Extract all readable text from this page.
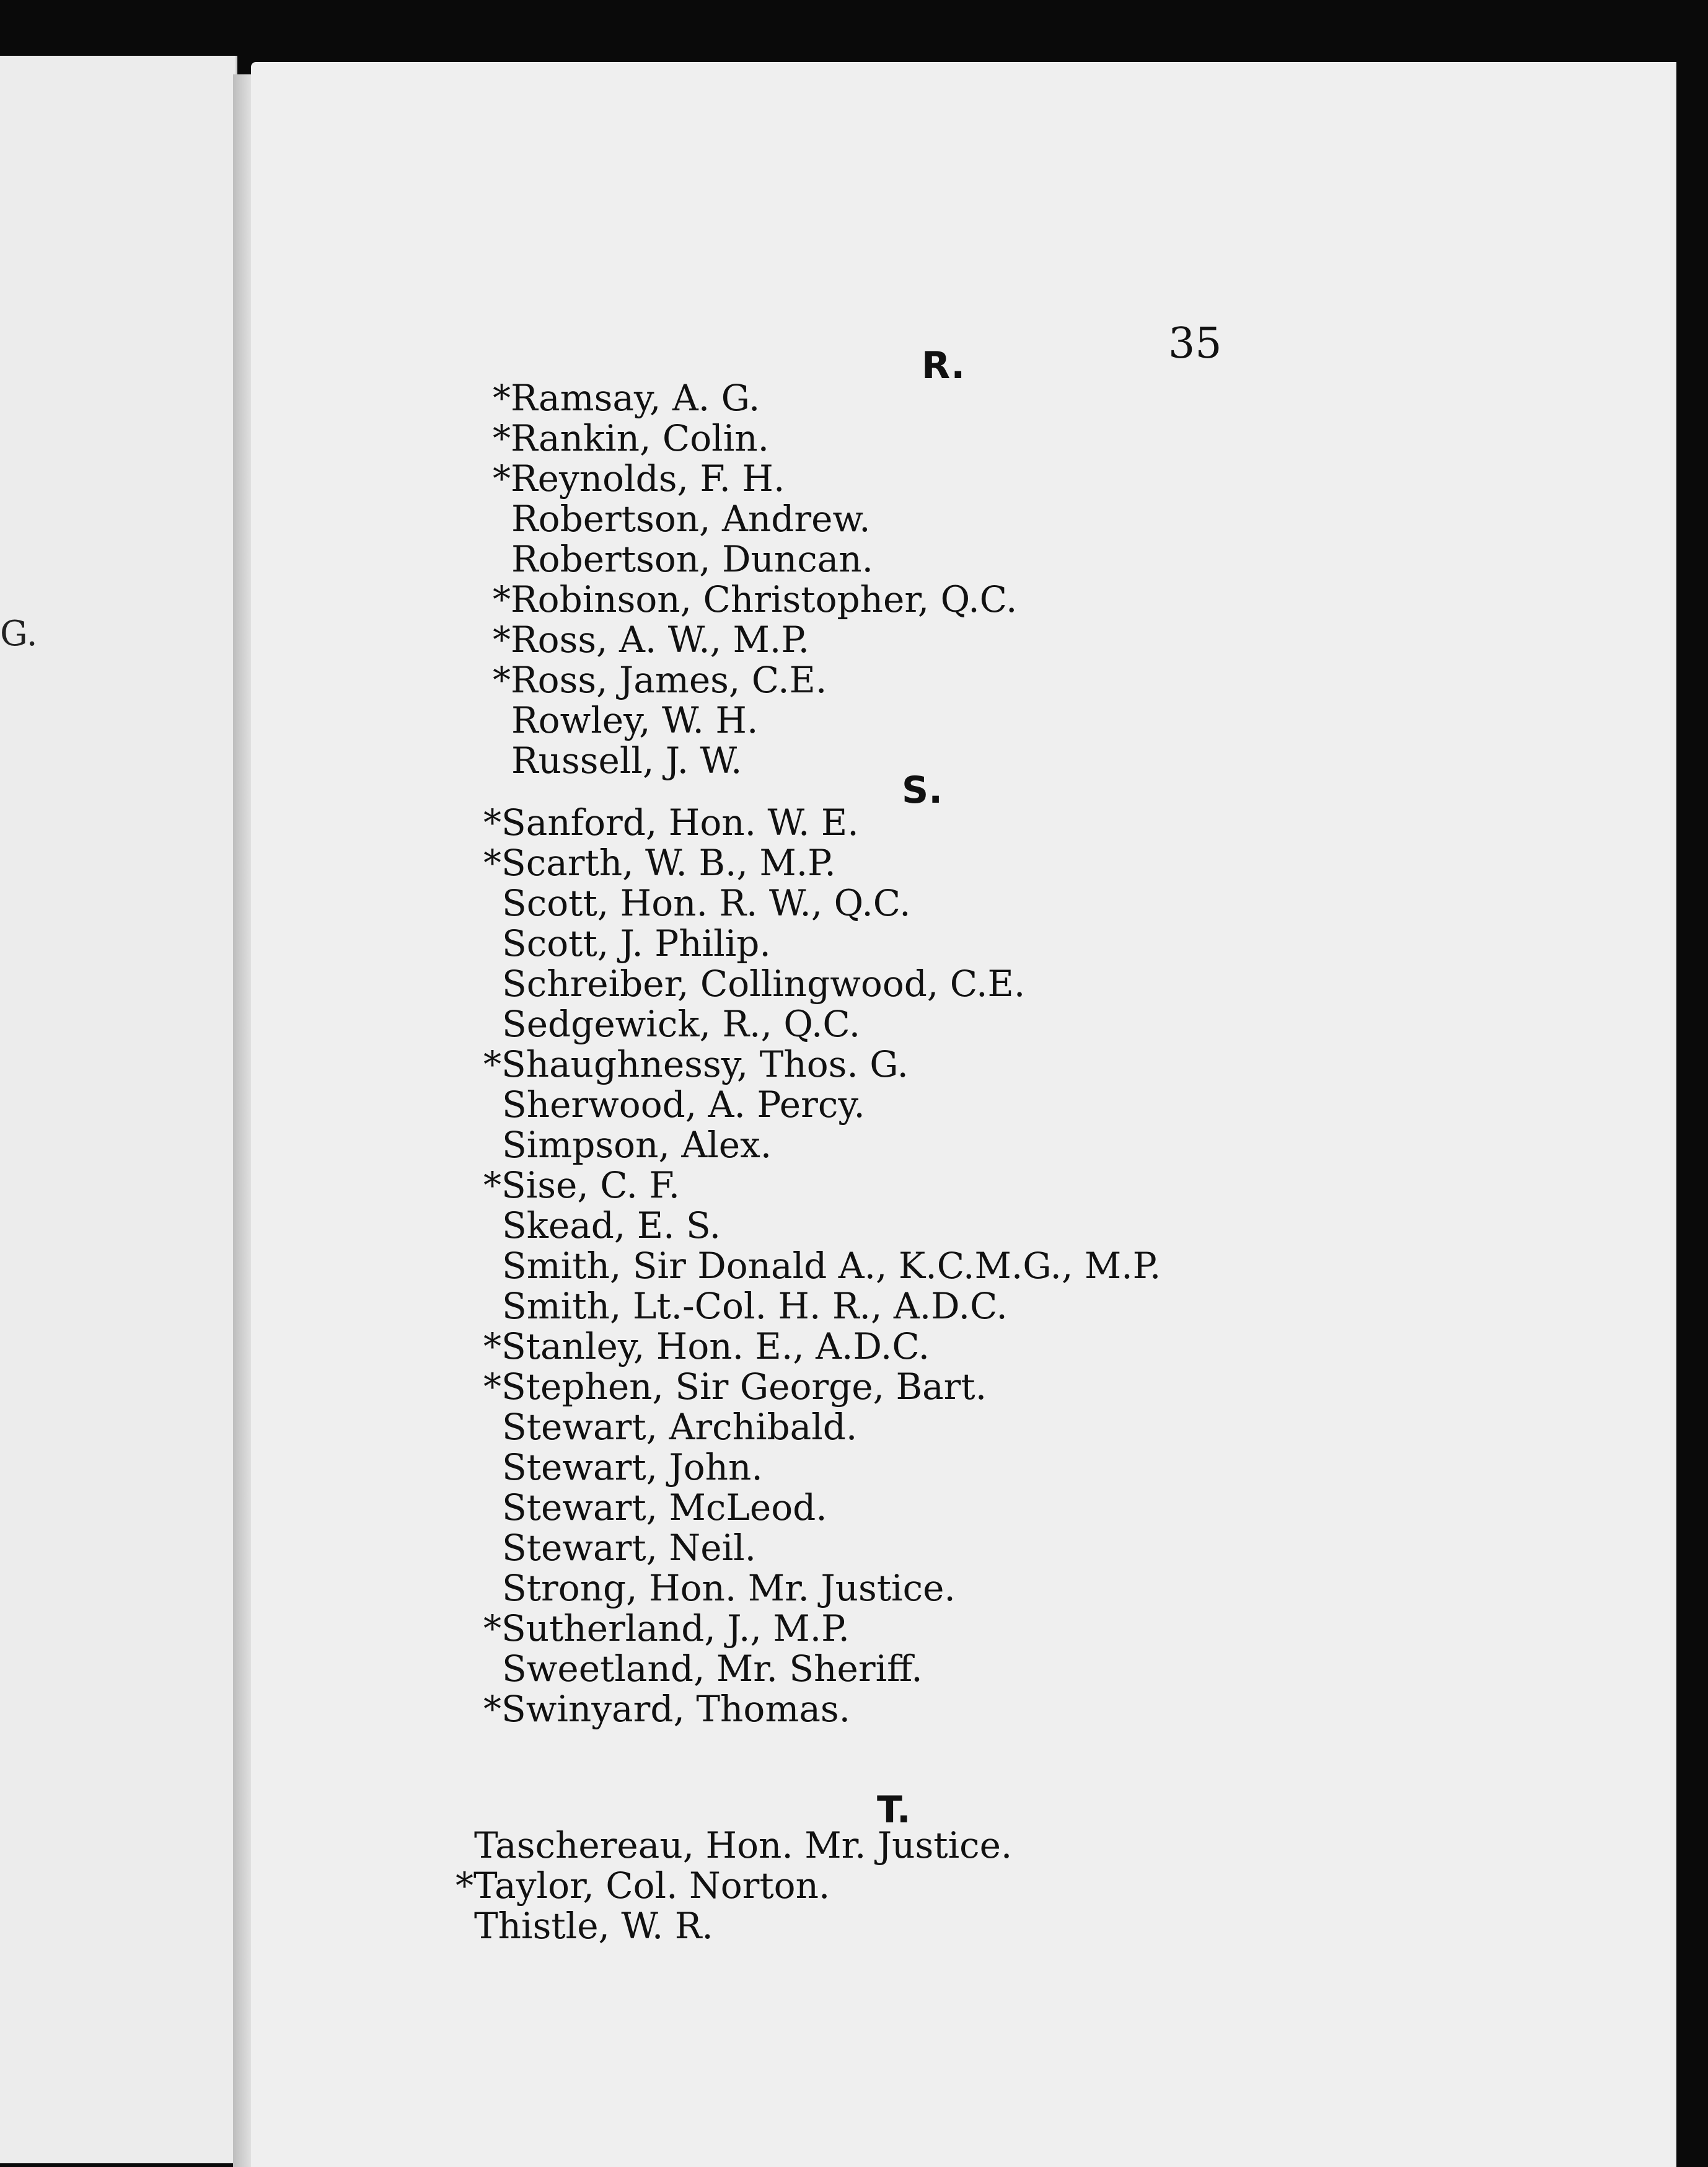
G.
35
R.
*Ramsay, A. G.
*Rankin, Colin.
*Reynolds, F. H.
Robertson, Andrew.
Robertson, Duncan.
*Robinson, Christopher, Q.C.
*Ross, A. W., M.P.
*Ross, James, C.E.
Rowley, W. H.
Russell, J. W.
S.
*Sanford, Hon. W. E.
*Scarth, W. B., M.P.
Scott, Hon. R. W., Q.C.
Scott, J. Philip.
Schreiber, Collingwood, C.E.
Sedgewick, R., Q.C.
*Shaughnessy, Thos. G.
Sherwood, A. Percy.
Simpson, Alex.
*Sise, C. F.
Skead, E. S.
Smith, Sir Donald A., K.C.M.G., M.P.
Smith, Lt.-Col. H. R., A.D.C.
*Stanley, Hon. E., A.D.C.
*Stephen, Sir George, Bart.
Stewart, Archibald.
Stewart, John.
Stewart, McLeod.
Stewart, Neil.
Strong, Hon. Mr. Justice.
*Sutherland, J., M.P.
Sweetland, Mr. Sheriff.
*Swinyard, Thomas.
T.
Taschereau, Hon. Mr. Justice.
*Taylor, Col. Norton.
Thistle, W. R.
